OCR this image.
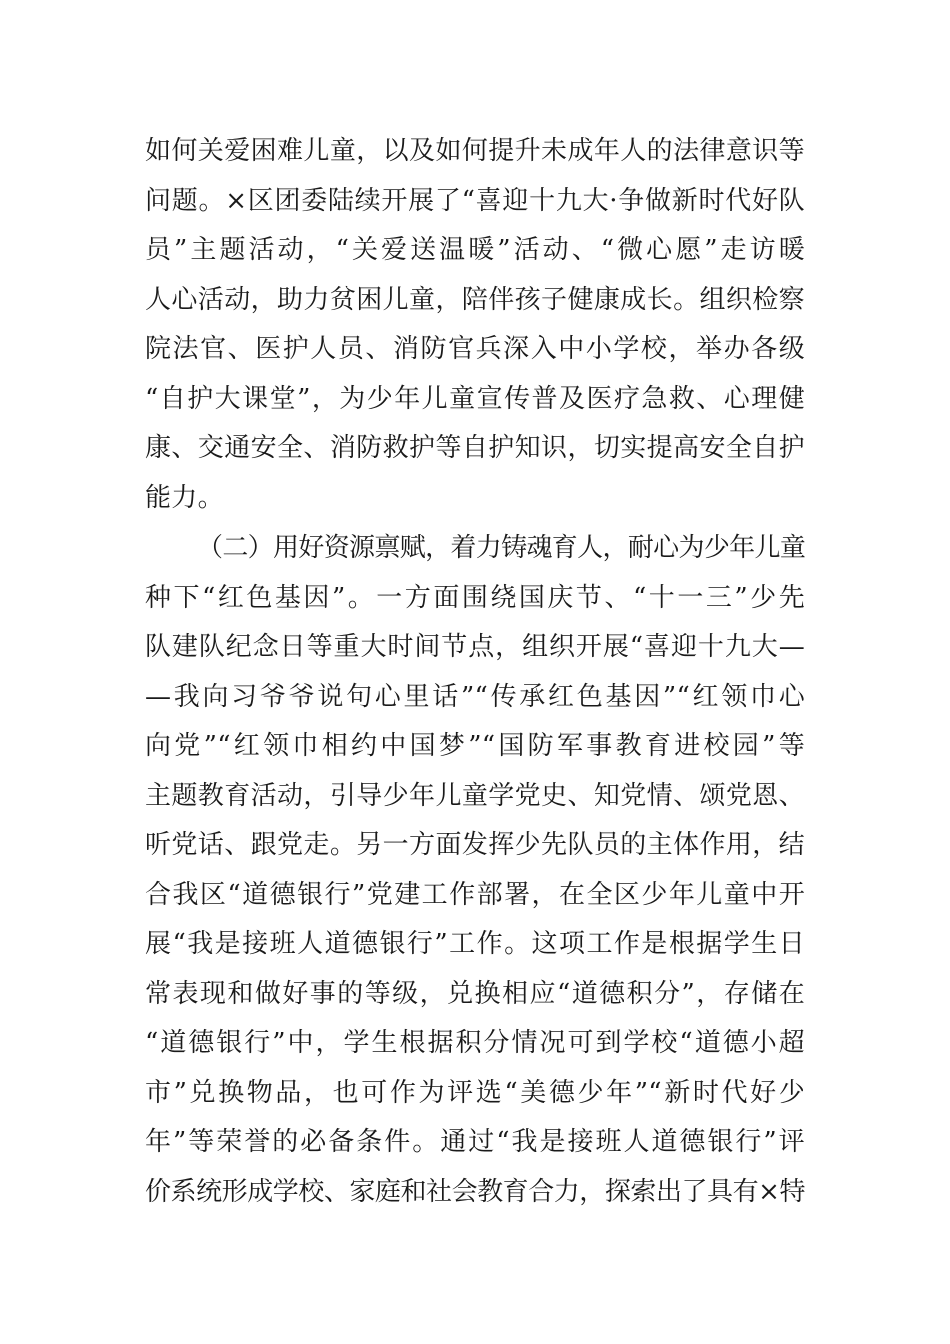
如何关爱困难儿童，以及如何提升未成年人的法律意识等
问题。×区团委陆续开展了“喜迎十九大·争做新时代好队
员”主题活动，“关爱送温暖”活动、“微心愿”走访暖
人心活动，助力贫困儿童，陪伴孩子健康成长。组织检察
院法官、医护人员、消防官兵深入中小学校，举办各级
“自护大课堂”，为少年儿童宣传普及医疗急救、心理健
康、交通安全、消防救护等自护知识，切实提高安全自护
能力。

（二）用好资源禀赋，着力铸魂育人，耐心为少年儿童
种下“红色基因”。一方面围绕国庆节、“十一三”少先
队建队纪念日等重大时间节点，组织开展“喜迎十九大—
—我向习爷爷说句心里话”“传承红色基因”“红领巾心
向党”“红领巾相约中国梦”“国防军事教育进校园”等
主题教育活动，引导少年儿童学党史、知党情、颂党恩、
听党话、跟党走。另一方面发挥少先队员的主体作用，结
合我区“道德银行”党建工作部署，在全区少年儿童中开
展“我是接班人道德银行”工作。这项工作是根据学生日
常表现和做好事的等级，兑换相应“道德积分”，存储在
“道德银行”中，学生根据积分情况可到学校“道德小超
市”兑换物品，也可作为评选“美德少年”“新时代好少
年”等荣誉的必备条件。通过“我是接班人道德银行”评
价系统形成学校、家庭和社会教育合力，探索出了具有×特
